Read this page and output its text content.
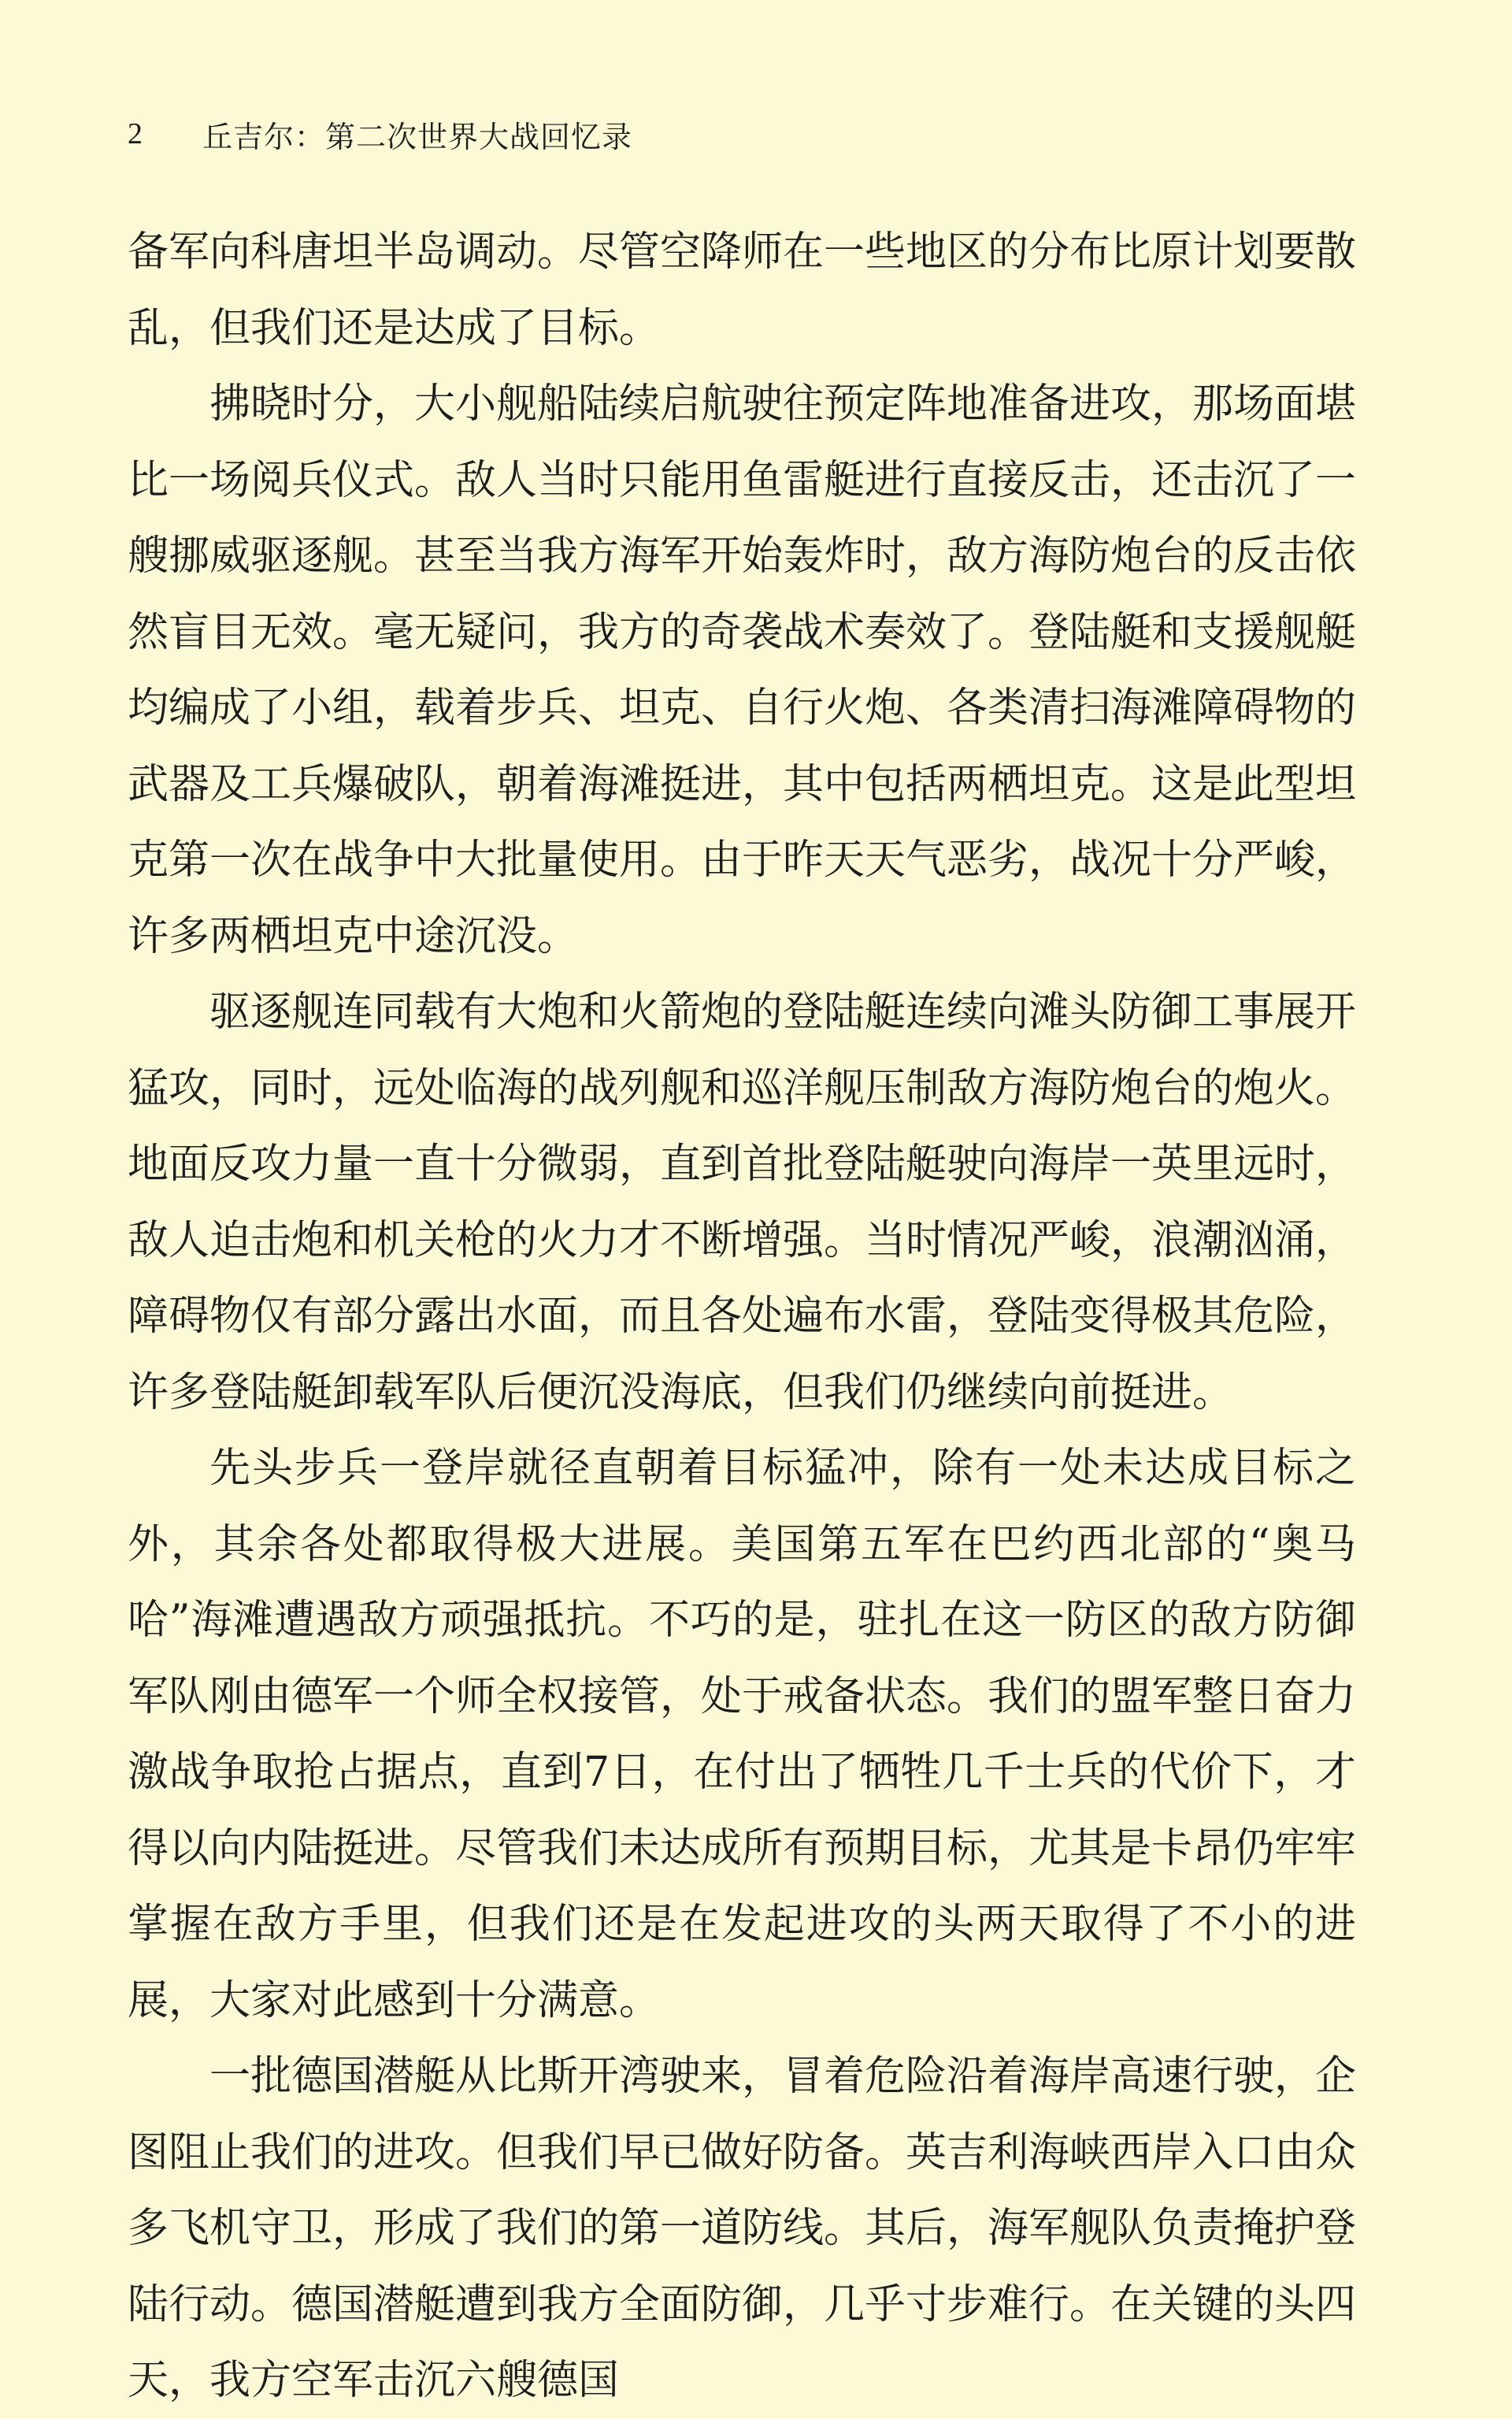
2	丘吉尔：第二次世界大战回忆录

备军向科唐坦半岛调动。尽管空降师在一些地区的分布比原计划要散乱，但我们还是达成了目标。

拂晓时分，大小舰船陆续启航驶往预定阵地准备进攻，那场面堪比一场阅兵仪式。敌人当时只能用鱼雷艇进行直接反击，还击沉了一艘挪威驱逐舰。甚至当我方海军开始轰炸时，敌方海防炮台的反击依然盲目无效。毫无疑问，我方的奇袭战术奏效了。登陆艇和支援舰艇均编成了小组，载着步兵、坦克、自行火炮、各类清扫海滩障碍物的武器及工兵爆破队，朝着海滩挺进，其中包括两栖坦克。这是此型坦克第一次在战争中大批量使用。由于昨天天气恶劣，战况十分严峻，许多两栖坦克中途沉没。

驱逐舰连同载有大炮和火箭炮的登陆艇连续向滩头防御工事展开猛攻，同时，远处临海的战列舰和巡洋舰压制敌方海防炮台的炮火。地面反攻力量一直十分微弱，直到首批登陆艇驶向海岸一英里远时，敌人迫击炮和机关枪的火力才不断增强。当时情况严峻，浪潮汹涌，障碍物仅有部分露出水面，而且各处遍布水雷，登陆变得极其危险，许多登陆艇卸载军队后便沉没海底，但我们仍继续向前挺进。

先头步兵一登岸就径直朝着目标猛冲，除有一处未达成目标之外，其余各处都取得极大进展。美国第五军在巴约西北部的“奥马哈”海滩遭遇敌方顽强抵抗。不巧的是，驻扎在这一防区的敌方防御军队刚由德军一个师全权接管，处于戒备状态。我们的盟军整日奋力激战争取抢占据点，直到7日，在付出了牺牲几千士兵的代价下，才得以向内陆挺进。尽管我们未达成所有预期目标，尤其是卡昂仍牢牢掌握在敌方手里，但我们还是在发起进攻的头两天取得了不小的进展，大家对此感到十分满意。

一批德国潜艇从比斯开湾驶来，冒着危险沿着海岸高速行驶，企图阻止我们的进攻。但我们早已做好防备。英吉利海峡西岸入口由众多飞机守卫，形成了我们的第一道防线。其后，海军舰队负责掩护登陆行动。德国潜艇遭到我方全面防御，几乎寸步难行。在关键的头四天，我方空军击沉六艘德国
